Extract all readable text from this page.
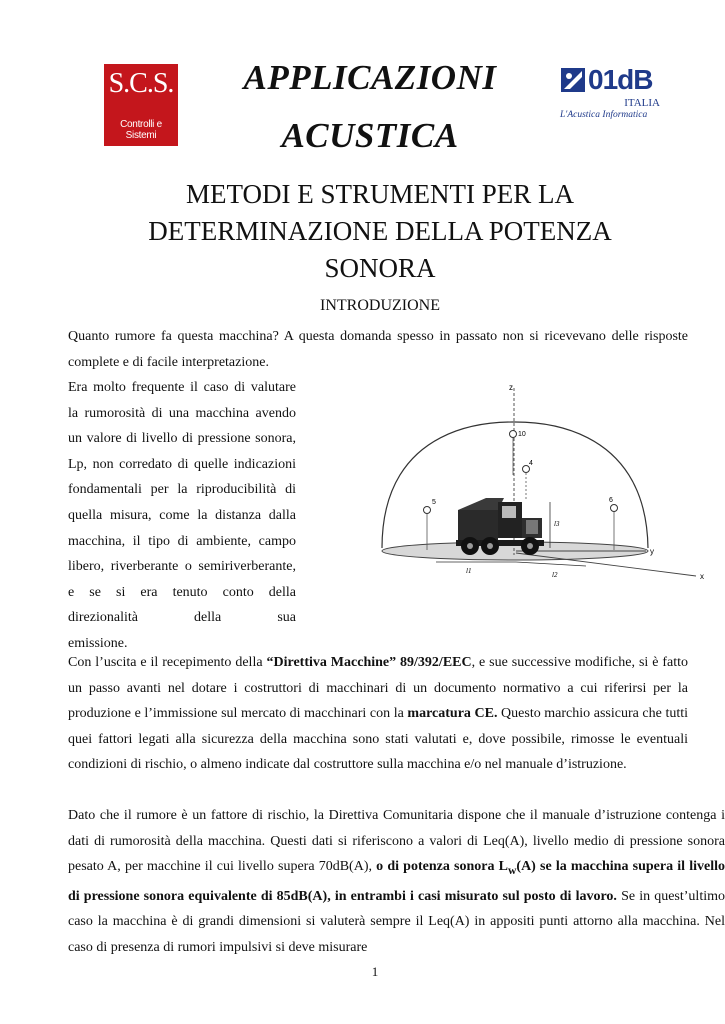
S.C.S.
Controlli e Sistemi
01dB
ITALIA
L'Acustica Informatica
APPLICAZIONI
ACUSTICA
METODI E STRUMENTI PER LA
DETERMINAZIONE DELLA POTENZA
SONORA
INTRODUZIONE
Quanto rumore fa questa macchina? A questa domanda spesso in passato non si ricevevano delle risposte complete e di facile interpretazione.
Era molto frequente il caso di valutare la rumorosità di una macchina avendo un valore di livello di pressione sonora, Lp, non corredato di quelle indicazioni fondamentali per la riproducibilità di quella misura, come la distanza dalla macchina, il tipo di ambiente, campo libero, riverberante o semiriverberante, e se si era tenuto conto della direzionalità della sua
emissione.
z
y
x
10
4
5	6
l3
l1	l2
Con l’uscita e il recepimento della “Direttiva Macchine” 89/392/EEC, e sue successive modifiche, si è fatto un passo avanti nel dotare i costruttori di macchinari di un documento normativo a cui riferirsi per la produzione e l’immissione sul mercato di macchinari con la marcatura CE. Questo marchio assicura che tutti quei fattori legati alla sicurezza della macchina sono stati valutati e, dove possibile, rimosse le eventuali condizioni di rischio, o almeno indicate dal costruttore sulla macchina e/o nel manuale d’istruzione.
Dato che il rumore è un fattore di rischio, la Direttiva Comunitaria dispone che il manuale d’istruzione contenga i dati di rumorosità della macchina. Questi dati si riferiscono a valori di Leq(A), livello medio di pressione sonora pesato A, per macchine il cui livello supera 70dB(A), o di potenza sonora $L_w(A)$ se la macchina supera il livello di pressione sonora equivalente di 85dB(A), in entrambi i casi misurato sul posto di lavoro. Se in quest’ultimo caso la macchina è di grandi dimensioni si valuterà sempre il Leq(A) in appositi punti attorno alla macchina. Nel caso di presenza di rumori impulsivi si deve misurare
1
